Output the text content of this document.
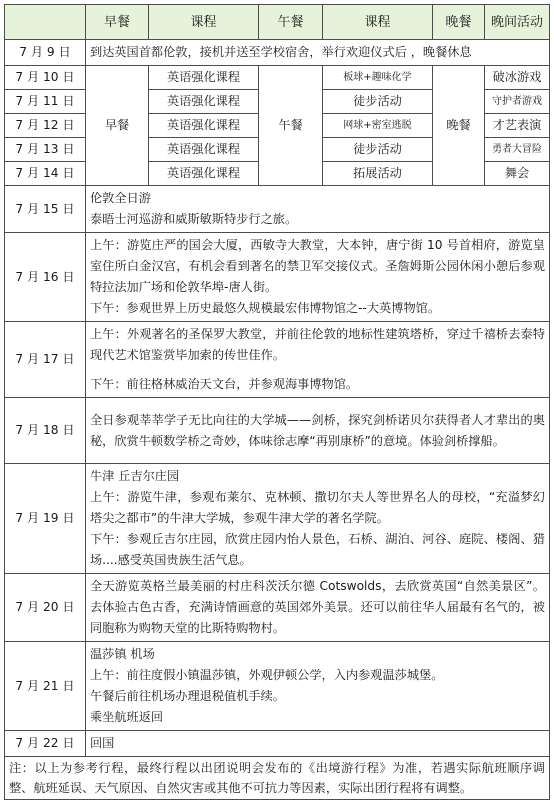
	早餐	课程	午餐	课程	晚餐	晚间活动
7 月 9 日	到达英国首都伦敦，接机并送至学校宿舍，举行欢迎仪式后 ，晚餐休息					
7 月 10 日	早餐	英语强化课程	午餐	板球+趣味化学	晚餐	破冰游戏
7 月 11 日		英语强化课程		徒步活动		守护者游戏
7 月 12 日		英语强化课程		网球+密室逃脱		才艺表演
7 月 13 日		英语强化课程		徒步活动		勇者大冒险
7 月 14 日		英语强化课程		拓展活动		舞会
7 月 15 日	伦敦全日游
泰晤士河巡游和威斯敏斯特步行之旅。					

7 月 16 日	上午：游览庄严的国会大厦，西敏寺大教堂，大本钟，唐宁街 10 号首相府，游览皇室住所白金汉宫，有机会看到著名的禁卫军交接仪式。圣詹姆斯公园休闲小憩后参观特拉法加广场和伦敦华埠-唐人街。
下午：参观世界上历史最悠久规模最宏伟博物馆之--大英博物馆。					

7 月 17 日	上午：外观著名的圣保罗大教堂，并前往伦敦的地标性建筑塔桥，穿过千禧桥去泰特现代艺术馆鉴赏毕加索的传世佳作。
下午：前往格林威治天文台，并参观海事博物馆。					

7 月 18 日	全日参观莘莘学子无比向往的大学城——剑桥，探究剑桥诺贝尔获得者人才辈出的奥秘，欣赏牛顿数学桥之奇妙，体味徐志摩“再别康桥”的意境。体验剑桥撑船。					

7 月 19 日	牛津 丘吉尔庄园
上午：游览牛津，参观布莱尔、克林顿、撒切尔夫人等世界名人的母校，“充溢梦幻塔尖之都市”的牛津大学城，参观牛津大学的著名学院。
下午：参观丘吉尔庄园，欣赏庄园内怡人景色，石桥、湖泊、河谷、庭院、楼阁、猎场....感受英国贵族生活气息。					

7 月 20 日	全天游览英格兰最美丽的村庄科茨沃尔德 Cotswolds，去欣赏英国“自然美景区”。去体验古色古香，充满诗情画意的英国郊外美景。还可以前往华人届最有名气的，被同胞称为购物天堂的比斯特购物村。					

7 月 21 日	温莎镇 机场
上午：前往度假小镇温莎镇，外观伊顿公学，入内参观温莎城堡。
午餐后前往机场办理退税值机手续。
乘坐航班返回					

7 月 22 日	回国					

注：以上为参考行程，最终行程以出团说明会发布的《出境游行程》为准，若遇实际航班顺序调整、航班延误、天气原因、自然灾害或其他不可抗力等因素，实际出团行程将有调整。						
